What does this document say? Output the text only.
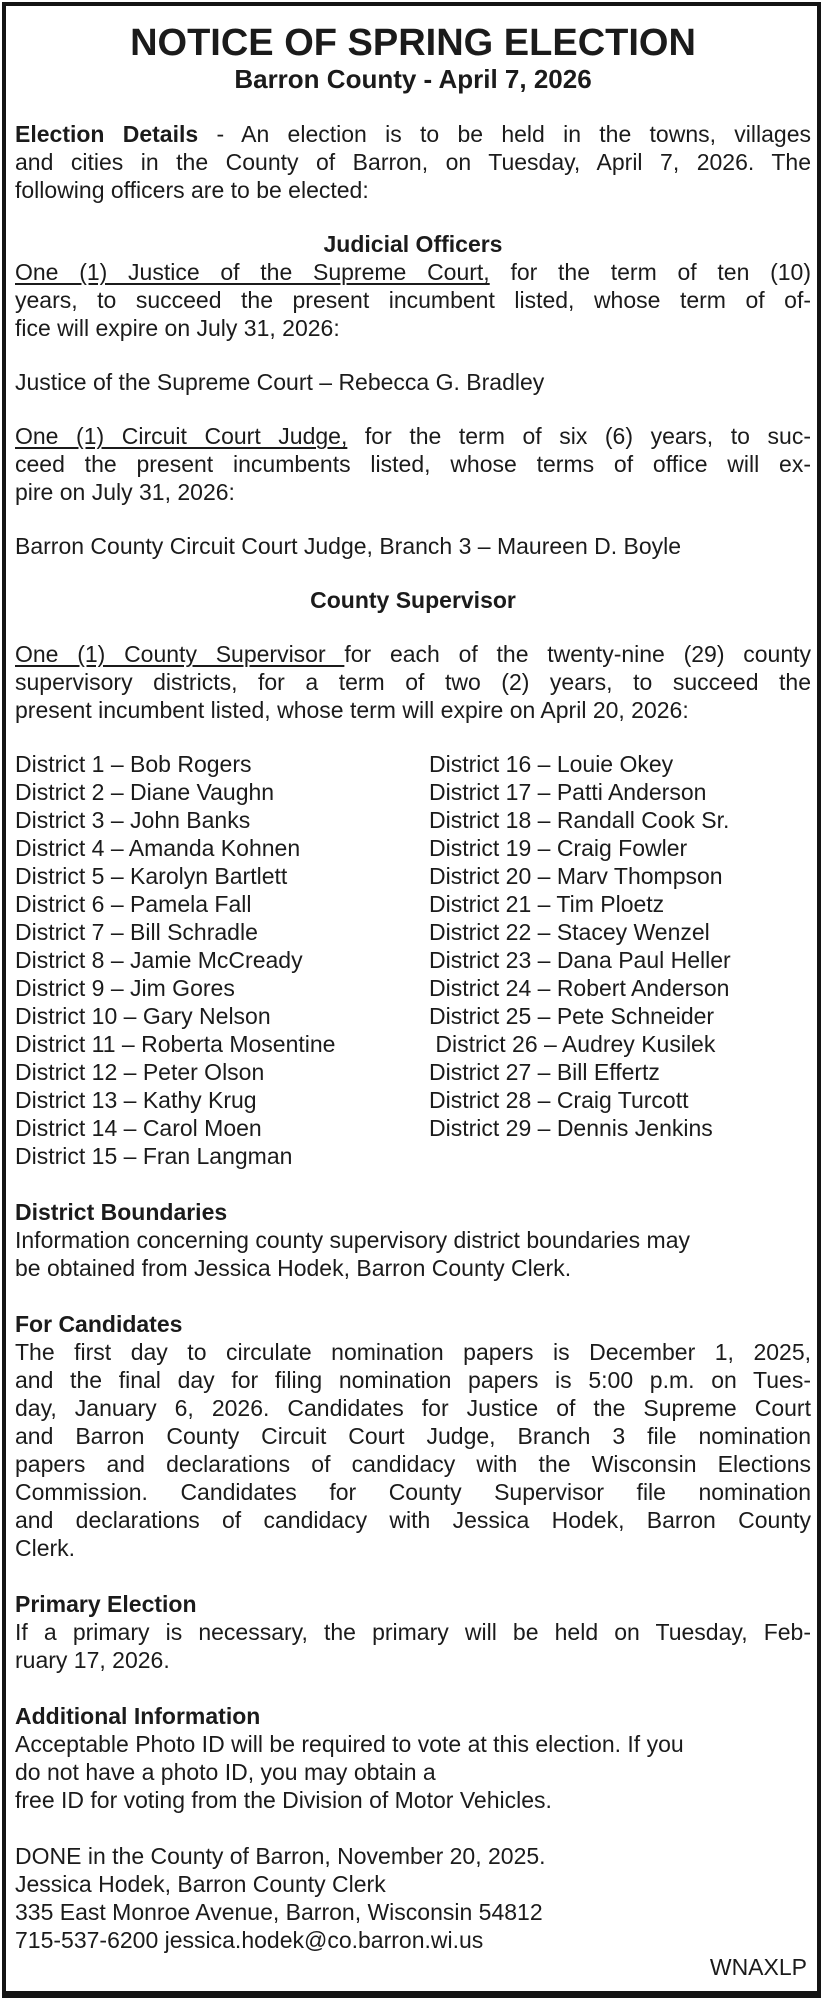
NOTICE OF SPRING ELECTION
Barron County - April 7, 2026
Election Details - An election is to be held in the towns, villages
and cities in the County of Barron, on Tuesday, April 7, 2026. The
following officers are to be elected:
Judicial Officers
One (1) Justice of the Supreme Court, for the term of ten (10)
years, to succeed the present incumbent listed, whose term of of-
fice will expire on July 31, 2026:
Justice of the Supreme Court – Rebecca G. Bradley
One (1) Circuit Court Judge, for the term of six (6) years, to suc-
ceed the present incumbents listed, whose terms of office will ex-
pire on July 31, 2026:
Barron County Circuit Court Judge, Branch 3 – Maureen D. Boyle
County Supervisor
One (1) County Supervisor for each of the twenty-nine (29) county
supervisory districts, for a term of two (2) years, to succeed the
present incumbent listed, whose term will expire on April 20, 2026:
District 1 – Bob Rogers
District 2 – Diane Vaughn
District 3 – John Banks
District 4 – Amanda Kohnen
District 5 – Karolyn Bartlett
District 6 – Pamela Fall
District 7 – Bill Schradle
District 8 – Jamie McCready
District 9 – Jim Gores
District 10 – Gary Nelson
District 11 – Roberta Mosentine
District 12 – Peter Olson
District 13 – Kathy Krug
District 14 – Carol Moen
District 15 – Fran Langman
District 16 – Louie Okey
District 17 – Patti Anderson
District 18 – Randall Cook Sr.
District 19 – Craig Fowler
District 20 – Marv Thompson
District 21 – Tim Ploetz
District 22 – Stacey Wenzel
District 23 – Dana Paul Heller
District 24 – Robert Anderson
District 25 – Pete Schneider
District 26 – Audrey Kusilek
District 27 – Bill Effertz
District 28 – Craig Turcott
District 29 – Dennis Jenkins
District Boundaries
Information concerning county supervisory district boundaries may
be obtained from Jessica Hodek, Barron County Clerk.
For Candidates
The first day to circulate nomination papers is December 1, 2025,
and the final day for filing nomination papers is 5:00 p.m. on Tues-
day, January 6, 2026. Candidates for Justice of the Supreme Court
and Barron County Circuit Court Judge, Branch 3 file nomination
papers and declarations of candidacy with the Wisconsin Elections
Commission. Candidates for County Supervisor file nomination
and declarations of candidacy with Jessica Hodek, Barron County
Clerk.
Primary Election
If a primary is necessary, the primary will be held on Tuesday, Feb-
ruary 17, 2026.
Additional Information
Acceptable Photo ID will be required to vote at this election. If you
do not have a photo ID, you may obtain a
free ID for voting from the Division of Motor Vehicles.
DONE in the County of Barron, November 20, 2025.
Jessica Hodek, Barron County Clerk
335 East Monroe Avenue, Barron, Wisconsin 54812
715-537-6200 jessica.hodek@co.barron.wi.us
WNAXLP
